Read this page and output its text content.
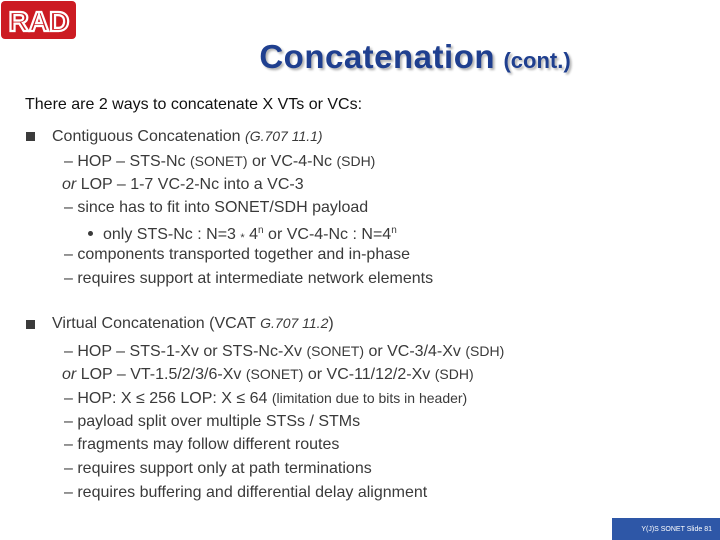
RAD
Concatenation (cont.)
There are 2 ways to concatenate X VTs or VCs:
Contiguous Concatenation (G.707 11.1)
– HOP – STS-Nc (SONET) or VC-4-Nc (SDH)
or LOP – 1-7 VC-2-Nc into a VC-3
– since has to fit into SONET/SDH payload
only STS-Nc : N=3 * 4$^n$ or VC-4-Nc : $N=4^n$
– components transported together and in-phase
– requires support at intermediate network elements
Virtual Concatenation (VCAT G.707 11.2)
– HOP – STS-1-Xv or STS-Nc-Xv (SONET) or VC-3/4-Xv (SDH)
or LOP – VT-1.5/2/3/6-Xv (SONET) or VC-11/12/2-Xv (SDH)
– HOP: X ≤ 256 LOP: X ≤ 64 (limitation due to bits in header)
– payload split over multiple STSs / STMs
– fragments may follow different routes
– requires support only at path terminations
– requires buffering and differential delay alignment
Y(J)S SONET Slide 81
